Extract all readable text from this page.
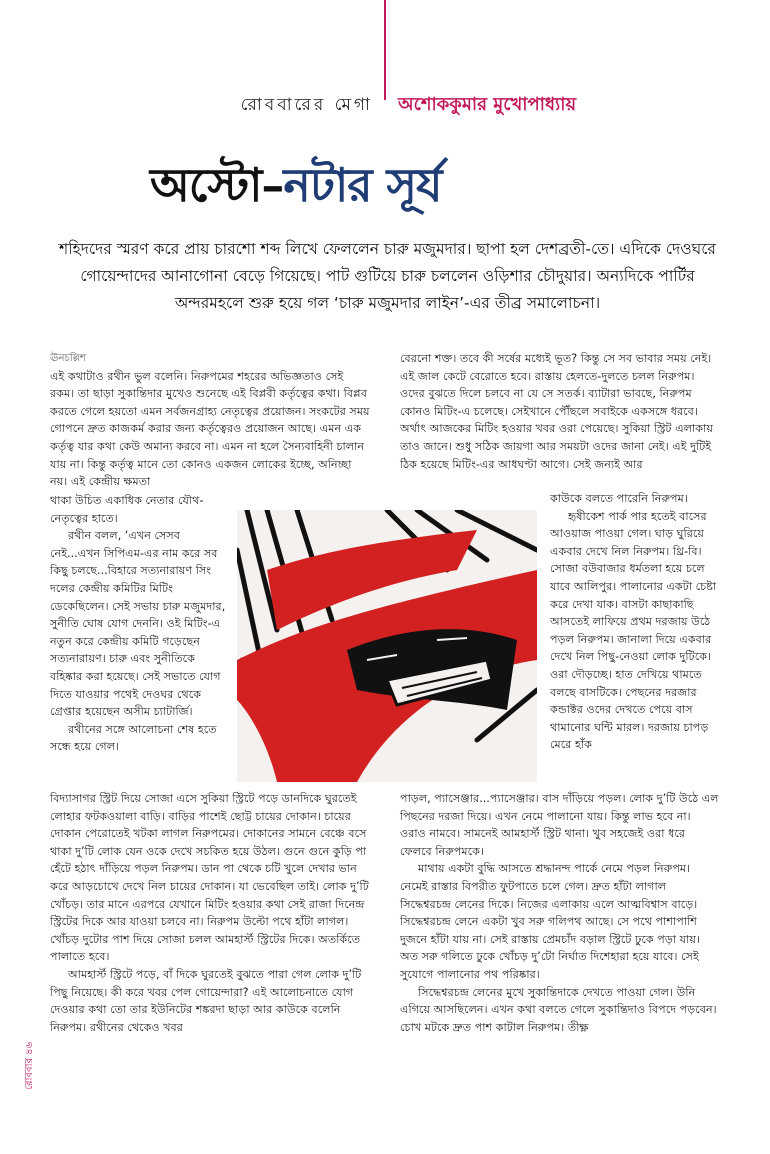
রোববারের মেগা অশোককুমার মুখোপাধ্যায়
অস্টো–নটার সূর্য
শহিদদের স্মরণ করে প্রায় চারশো শব্দ লিখে ফেললেন চারু মজুমদার। ছাপা হল দেশব্রতী-তে। এদিকে দেওঘরে গোয়েন্দাদের আনাগোনা বেড়ে গিয়েছে। পাট গুটিয়ে চারু চললেন ওড়িশার চৌদুয়ার। অন্যদিকে পার্টির অন্দরমহলে শুরু হয়ে গল ‘চারু মজুমদার লাইন’-এর তীব্র সমালোচনা।

ঊনচল্লিশ

এই কথাটাও রথীন ভুল বলেনি। নিরুপমের শহরের অভিজ্ঞতাও সেই রকম। তা ছাড়া সুকান্তিদার মুখেও শুনেছে এই বিপ্লবী কর্তৃত্বের কথা। বিপ্লব করতে গেলে হয়তো এমন সর্বজনগ্রাহ্য নেতৃত্বের প্রয়োজন। সংকটের সময় গোপনে দ্রুত কাজকর্ম করার জন্য কর্তৃত্বেরও প্রয়োজন আছে। এমন এক কর্তৃত্ব যার কথা কেউ অমান্য করবে না। এমন না হলে সৈন্যবাহিনী চালান যায় না। কিন্তু কর্তৃত্ব মানে তো কোনও একজন লোকের ইচ্ছে, অনিচ্ছা নয়। এই কেন্দ্রীয় ক্ষমতা

থাকা উচিত একাধিক নেতার যৌথ-নেতৃত্বের হাতে।

রথীন বলল, ‘এখন সেসব নেই...এখন সিপিএম-এর নাম করে সব কিছু চলছে...বিহারে সত্যনারায়ণ সিং দলের কেন্দ্রীয় কমিটির মিটিং ডেকেছিলেন। সেই সভায় চারু মজুমদার, সুনীতি ঘোষ যোগ দেননি। ওই মিটিং-এ নতুন করে কেন্দ্রীয় কমিটি গড়েছেন সত্যনারায়ণ। চারু এবং সুনীতিকে বহিষ্কার করা হয়েছে। সেই সভাতে যোগ দিতে যাওয়ার পথেই দেওঘর থেকে গ্রেপ্তার হয়েছেন অসীম চ্যাটার্জি।

রথীনের সঙ্গে আলোচনা শেষ হতে সন্ধে হয়ে গেল।

বিদ্যাসাগর স্ট্রিট দিয়ে সোজা এসে সুকিয়া স্ট্রিটে পড়ে ডানদিকে ঘুরতেই লোহার ফটকওয়ালা বাড়ি। বাড়ির পাশেই ছোট্ট চায়ের দোকান। চায়ের দোকান পেরোতেই খটকা লাগল নিরুপমের। দোকানের সামনে বেঞ্চে বসে থাকা দু’টি লোক যেন ওকে দেখে সচকিত হয়ে উঠল। গুনে গুনে কুড়ি পা হেঁটে হঠাৎ দাঁড়িয়ে পড়ল নিরুপম। ডান পা থেকে চটি খুলে দেখার ভান করে আড়চোখে দেখে নিল চায়ের দোকান। যা ভেবেছিল তাই। লোক দু’টি খোঁচড়। তার মানে এরপরে যেখানে মিটিং হওয়ার কথা সেই রাজা দিনেন্দ্র স্ট্রিটের দিকে আর যাওয়া চলবে না। নিরুপম উল্টো পথে হাঁটা লাগল। খোঁচড় দুটোর পাশ দিয়ে সোজা চলল আমহার্স্ট স্ট্রিটের দিকে। অতর্কিতে পালাতে হবে।

আমহার্স্ট স্ট্রিটে পড়ে, বাঁ দিকে ঘুরতেই বুঝতে পারা গেল লোক দু’টি পিছু নিয়েছে। কী করে খবর পেল গোয়েন্দারা? এই আলোচনাতে যোগ দেওয়ার কথা তো তার ইউনিটের শঙ্করদা ছাড়া আর কাউকে বলেনি নিরুপম। রথীনের থেকেও খবর

বেরনো শক্ত। তবে কী সর্ষের মধ্যেই ভূত? কিন্তু সে সব ভাবার সময় নেই। এই জাল কেটে বেরোতে হবে। রাস্তায় হেলতে-দুলতে চলল নিরুপম। ওদের বুঝতে দিলে চলবে না যে সে সতর্ক। ব্যাটারা ভাবছে, নিরুপম কোনও মিটিং-এ চলেছে। সেইখানে পৌঁছলে সবাইকে একসঙ্গে ধরবে। অর্থাৎ আজকের মিটিং হওয়ার খবর ওরা পেয়েছে। সুকিয়া স্ট্রিট এলাকায় তাও জানে। শুধু সঠিক জায়গা আর সময়টা ওদের জানা নেই। এই দুটিই ঠিক হয়েছে মিটিং-এর আধঘণ্টা আগে। সেই জন্যই আর

কাউকে বলতে পারেনি নিরুপম।

হৃষীকেশ পার্ক পার হতেই বাসের আওয়াজ পাওয়া গেল। ঘাড় ঘুরিয়ে একবার দেখে নিল নিরুপম। থ্রি-বি। সোজা বউবাজার ধর্মতলা হয়ে চলে যাবে আলিপুর। পালানোর একটা চেষ্টা করে দেখা যাক। বাসটা কাছাকাছি আসতেই লাফিয়ে প্রথম দরজায় উঠে পড়ল নিরুপম। জানালা দিয়ে একবার দেখে নিল পিছু-নেওয়া লোক দুটিকে। ওরা দৌড়চ্ছে। হাত দেখিয়ে থামতে বলছে বাসটিকে। পেছনের দরজার কন্ডাক্টর ওদের দেখতে পেয়ে বাস থামানোর ঘন্টি মারল। দরজায় চাপড় মেরে হাঁক

পাড়ল, প্যাসেঞ্জার...প্যাসেঞ্জার। বাস দাঁড়িয়ে পড়ল। লোক দু’টি উঠে এল পিছনের দরজা দিয়ে। এখন নেমে পালানো যায়। কিন্তু লাভ হবে না। ওরাও নামবে। সামনেই আমহার্স্ট স্ট্রিট থানা। খুব সহজেই ওরা ধরে ফেলবে নিরুপমকে।

মাথায় একটা বুদ্ধি আসতে শ্রদ্ধানন্দ পার্কে নেমে পড়ল নিরুপম। নেমেই রাস্তার বিপরীত ফুটপাতে চলে গেল। দ্রুত হাঁটা লাগাল সিদ্ধেশ্বরচন্দ্র লেনের দিকে। নিজের এলাকায় এলে আত্মবিশ্বাস বাড়ে। সিদ্ধেশ্বরচন্দ্র লেনে একটা খুব সরু গলিপথ আছে। সে পথে পাশাপাশি দুজনে হাঁটা যায় না। সেই রাস্তায় প্রেমচাঁদ বড়াল স্ট্রিটে ঢুকে পড়া যায়। অত সরু গলিতে ঢুকে খোঁচড় দু’টো নির্ঘাত দিশেহারা হয়ে যাবে। সেই সুযোগে পালানোর পথ পরিষ্কার।

সিদ্ধেশ্বরচন্দ্র লেনের মুখে সুকান্তিদাকে দেখতে পাওয়া গেল। উনি এগিয়ে আসছিলেন। এখন কথা বলতে গেলে সুকান্তিদাও বিপদে পড়বেন। চোখ মটকে দ্রুত পাশ কাটাল নিরুপম। তীক্ষ্ণ

রোববার ৪৬
